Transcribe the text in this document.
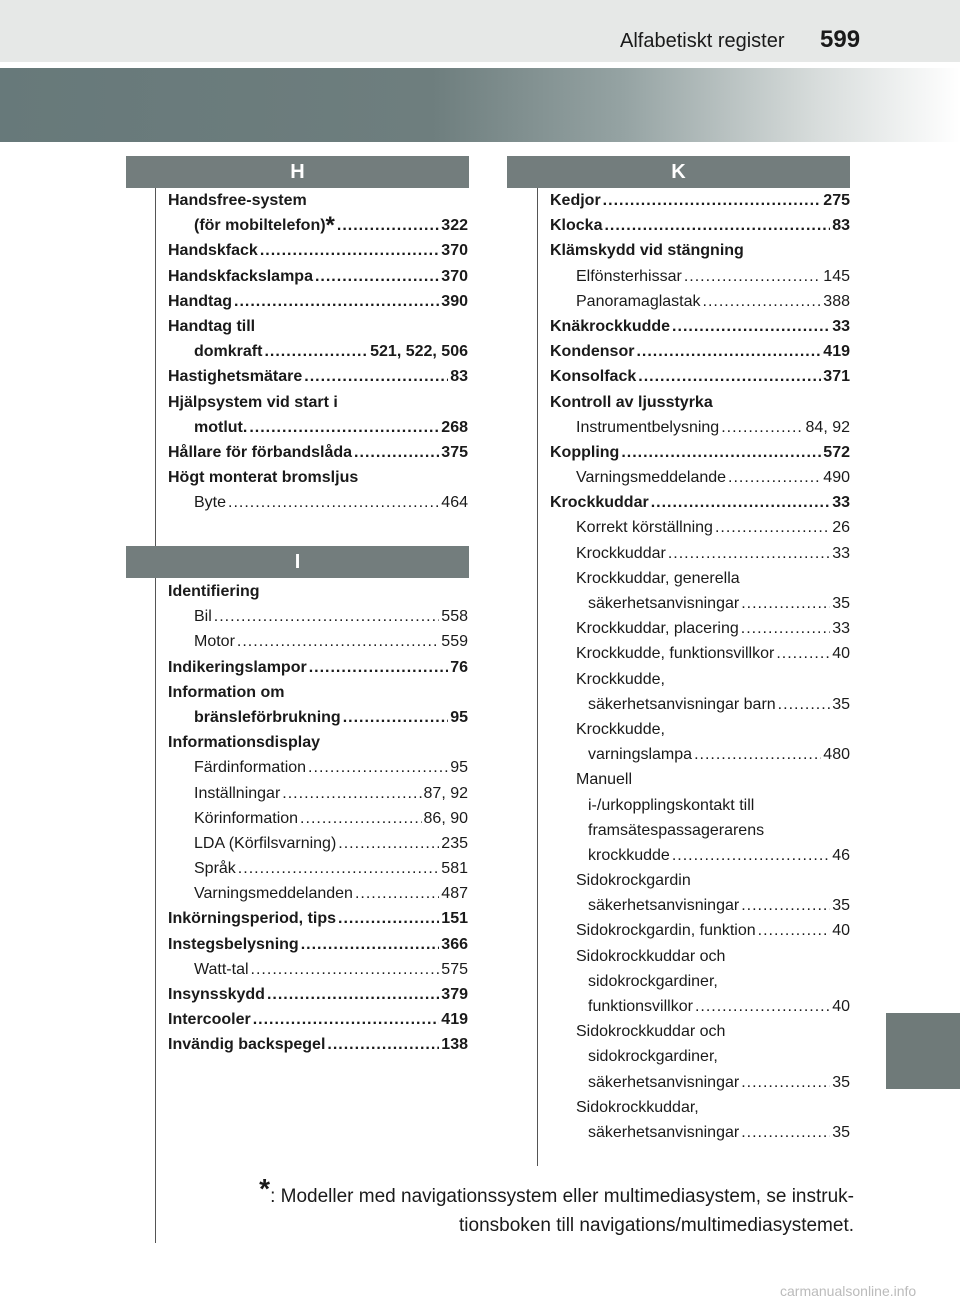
Alfabetiskt register 599
H
Handsfree-system
(för mobiltelefon)* .....	322
Handskfack .....	370
Handskfackslampa .....	370
Handtag .....	390
Handtag till
domkraft .....	521, 522, 506
Hastighetsmätare .....	83
Hjälpsystem vid start i
motlut. .....	268
Hållare för förbandslåda .....	375
Högt monterat bromsljus
Byte .....	464
I
Identifiering
Bil .....	558
Motor .....	559
Indikeringslampor .....	76
Information om
bränsleförbrukning .....	95
Informationsdisplay
Färdinformation .....	95
Inställningar .....	87, 92
Körinformation .....	86, 90
LDA (Körfilsvarning) .....	235
Språk .....	581
Varningsmeddelanden .....	487
Inkörningsperiod, tips .....	151
Instegsbelysning .....	366
Watt-tal .....	575
Insynsskydd .....	379
Intercooler .....	419
Invändig backspegel .....	138
K
Kedjor .....	275
Klocka .....	83
Klämskydd vid stängning
Elfönsterhissar .....	145
Panoramaglastak .....	388
Knäkrockkudde .....	33
Kondensor .....	419
Konsolfack .....	371
Kontroll av ljusstyrka
Instrumentbelysning .....	84, 92
Koppling .....	572
Varningsmeddelande .....	490
Krockkuddar .....	33
Korrekt körställning .....	26
Krockkuddar .....	33
Krockkuddar, generella
säkerhetsanvisningar .....	35
Krockkuddar, placering .....	33
Krockkudde, funktionsvillkor .....	40
Krockkudde,
säkerhetsanvisningar barn .....	35
Krockkudde,
varningslampa .....	480
Manuell
i-/urkopplingskontakt till
framsätespassagerarens
krockkudde .....	46
Sidokrockgardin
säkerhetsanvisningar .....	35
Sidokrockgardin, funktion .....	40
Sidokrockkuddar och
sidokrockgardiner,
funktionsvillkor .....	40
Sidokrockkuddar och
sidokrockgardiner,
säkerhetsanvisningar .....	35
Sidokrockkuddar,
säkerhetsanvisningar .....	35
*: Modeller med navigationssystem eller multimediasystem, se instruk-
tionsboken till navigations/multimediasystemet.
carmanualsonline.info
